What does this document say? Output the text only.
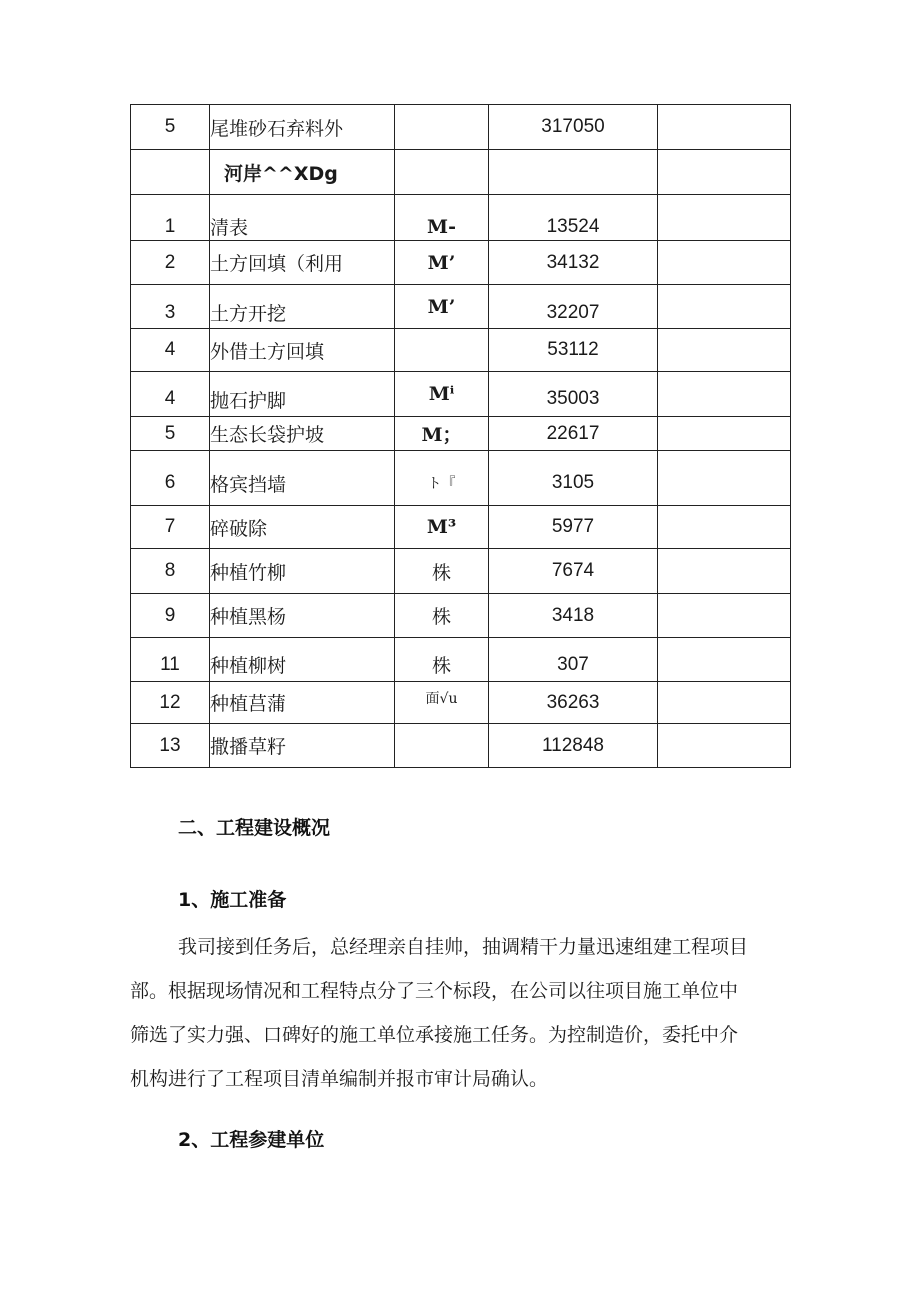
5	尾堆砂石弃料外		317050	
	河岸^^XDg			
1	清表	M-	13524	
2	土方回填（利用	M’	34132	
3	土方开挖	M’	32207	
4	外借土方回填		53112	
4	抛石护脚	Mⁱ	35003	
5	生态长袋护坡	M；	22617	
6	格宾挡墙	ト『	3105	
7	碎破除	M³	5977	
8	种植竹柳	株	7674	
9	种植黑杨	株	3418	
11	种植柳树	株	307	
12	种植莒蒲	面√u	36263	
13	撒播草籽		112848	
二、工程建设概况
1、施工准备
我司接到任务后，总经理亲自挂帅，抽调精干力量迅速组建工程项目
部。根据现场情况和工程特点分了三个标段，在公司以往项目施工单位中
筛选了实力强、口碑好的施工单位承接施工任务。为控制造价，委托中介
机构进行了工程项目清单编制并报市审计局确认。
2、工程参建单位
